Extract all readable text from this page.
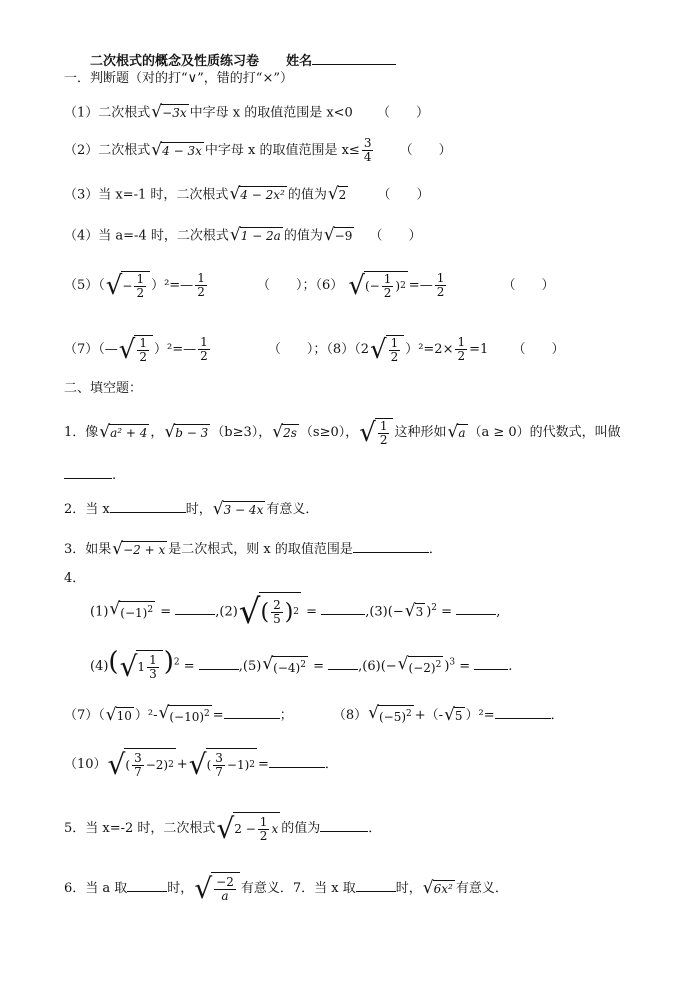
二次根式的概念及性质练习卷 姓名
一．判断题（对的打“∨”，错的打“×”）
（1）二次根式 √ −3x 中字母 x 的取值范围是 x<0 （　　）
（2）二次根式 √ 4 − 3x 中字母 x 的取值范围是 $x\le \frac{3}{4}$ （　　）
（3）当 x=-1 时，二次根式 √ 4 − 2x² 的值为 √ 2 （　　）
（4）当 a=-4 时，二次根式 √ 1 − 2a 的值为 √ −9 （　　）
（5）（ √ − $\frac{1}{2}$ ）²=— $\frac{1}{2}$	（　　）；（6） √ (− $\frac{1}{2}$ ) 2 =— $\frac{1}{2}$	（　　）
（7）（— √ $\frac{1}{2}$ ）²=— $\frac{1}{2}$	（　　）；（8）（2 √ $\frac{1}{2} )^2=2\times \frac{1}{2} =1$ （　　）
二、填空题：
1．像 √ a² + 4 ， √ b − 3 （b≥3）， √ 2s （s≥0）， √ $\frac{1}{2}$ 这种形如 √ a （a ≥ 0）的代数式，叫做
.
2．当 x	时， √ 3 − 4x 有意义．
3．如果 √ −2 + x 是二次根式，则 x 的取值范围是	．
4．
(1) √ $(-1)^2$ =	,(2) √ ( $\frac{2}{5}$ ) 2 =	,(3)(− √ 3 )$^2$ =	,
(4)( √ $1 \frac{1}{3} )^2$ =	,(5) √ $(-4)^2 = ,(6)(-$ √ $(-2)^2$ )$^3$ =	.
（7）（ √ 10 ）²- √ $(-10)^2$ =	；	（8） √ $(-5)^2$ +（- √ 5 ）²=	．
（10） √ ( $\frac{3}{7} -2$) 2 + √ ( $\frac{3}{7} -1$) 2 =	．
5．当 x=-2 时，二次根式 √ $2 - \frac{1}{2}$ x 的值为	．
6．当 a 取	时， √ $\frac{-2}{a}$ 有意义．7．当 x 取	时， √ 6x² 有意义．
